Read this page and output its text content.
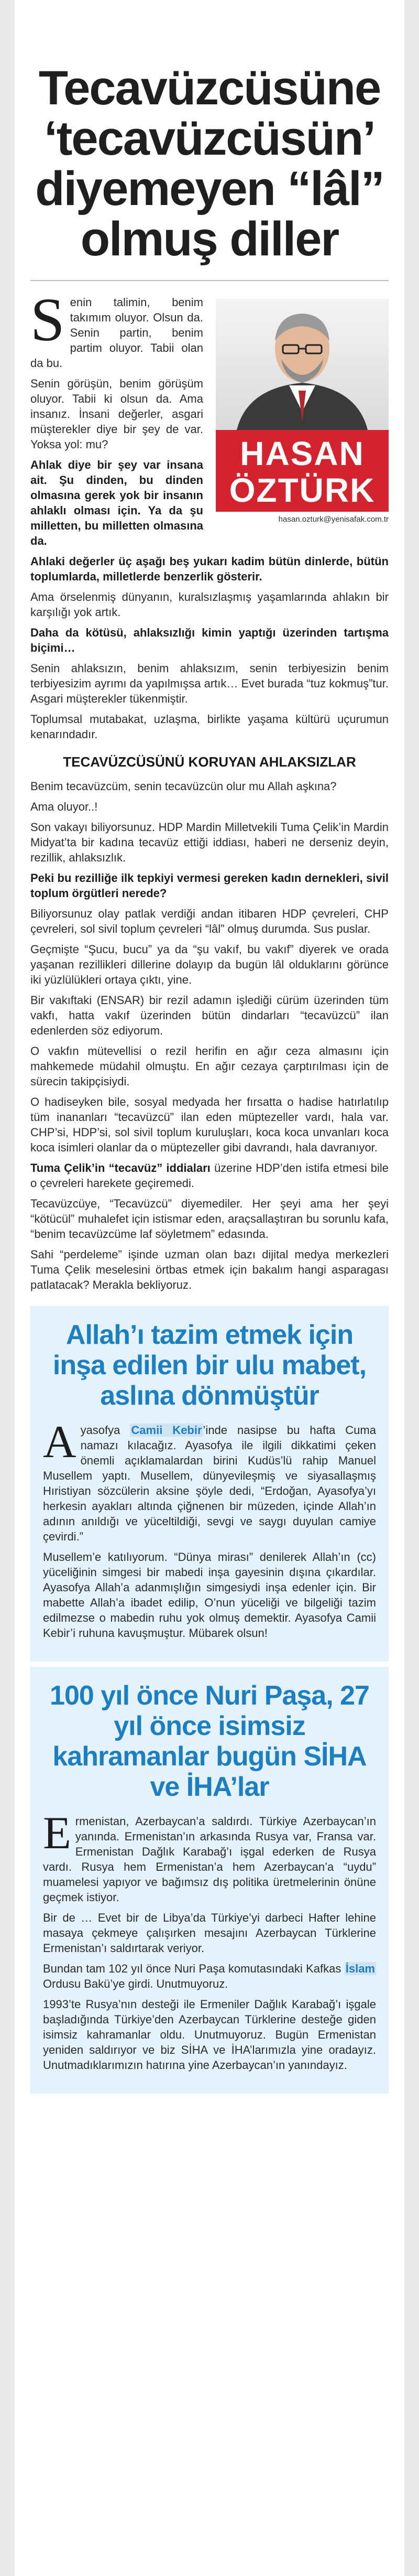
Tecavüzcüsüne ‘tecavüzcüsün’ diyemeyen “lâl” olmuş diller
HASAN
ÖZTÜRK
hasan.ozturk@yenisafak.com.tr

Senin talimin, benim takımım oluyor. Olsun da. Senin partin, benim partim oluyor. Tabii olan da bu.

Senin görüşün, benim görüşüm oluyor. Tabii ki olsun da. Ama insanız. İnsani değerler, asgari müşterekler diye bir şey de var. Yoksa yol: mu?

Ahlak diye bir şey var insana ait. Şu dinden, bu dinden olmasına gerek yok bir insanın ahlaklı olması için. Ya da şu milletten, bu milletten olmasına da.

Ahlaki değerler üç aşağı beş yukarı kadim bütün dinlerde, bütün toplumlarda, milletlerde benzerlik gösterir.

Ama örselenmiş dünyanın, kuralsızlaşmış yaşamlarında ahlakın bir karşılığı yok artık.

Daha da kötüsü, ahlaksızlığı kimin yaptığı üzerinden tartışma biçimi…

Senin ahlaksızın, benim ahlaksızım, senin terbiyesizin benim terbiyesizim ayrımı da yapılmışsa artık… Evet burada “tuz kokmuş”tur. Asgari müşterekler tükenmiştir.

Toplumsal mutabakat, uzlaşma, birlikte yaşama kültürü uçurumun kenarındadır.

TECAVÜZCÜSÜNÜ KORUYAN AHLAKSIZLAR

Benim tecavüzcüm, senin tecavüzcün olur mu Allah aşkına?

Ama oluyor..!

Son vakayı biliyorsunuz. HDP Mardin Milletvekili Tuma Çelik’in Mardin Midyat’ta bir kadına tecavüz ettiği iddiası, haberi ne derseniz deyin, rezillik, ahlaksızlık.

Peki bu rezilliğe ilk tepkiyi vermesi gereken kadın dernekleri, sivil toplum örgütleri nerede?

Biliyorsunuz olay patlak verdiği andan itibaren HDP çevreleri, CHP çevreleri, sol sivil toplum çevreleri “lâl” olmuş durumda. Sus puslar.

Geçmişte “Şucu, bucu” ya da “şu vakıf, bu vakıf” diyerek ve orada yaşanan rezillikleri dillerine dolayıp da bugün lâl olduklarını görünce iki yüzlülükleri ortaya çıktı, yine.

Bir vakıftaki (ENSAR) bir rezil adamın işlediği cürüm üzerinden tüm vakfı, hatta vakıf üzerinden bütün dindarları “tecavüzcü” ilan edenlerden söz ediyorum.

O vakfın mütevellisi o rezil herifin en ağır ceza almasını için mahkemede müdahil olmuştu. En ağır cezaya çarptırılması için de sürecin takipçisiydi.

O hadiseyken bile, sosyal medyada her fırsatta o hadise hatırlatılıp tüm inananları “tecavüzcü” ilan eden müptezeller vardı, hala var. CHP’si, HDP’si, sol sivil toplum kuruluşları, koca koca unvanları koca koca isimleri olanlar da o müptezeller gibi davrandı, hala davranıyor.

Tuma Çelik’in “tecavüz” iddiaları üzerine HDP’den istifa etmesi bile o çevreleri harekete geçiremedi.

Tecavüzcüye, “Tecavüzcü” diyemediler. Her şeyi ama her şeyi “kötücül” muhalefet için istismar eden, araçsallaştıran bu sorunlu kafa, “benim tecavüzcüme laf söyletmem” edasında.

Sahi “perdeleme” işinde uzman olan bazı dijital medya merkezleri Tuma Çelik meselesini örtbas etmek için bakalım hangi asparagası patlatacak? Merakla bekliyoruz.

Allah’ı tazim etmek için inşa edilen bir ulu mabet, aslına dönmüştür

Ayasofya Camii Kebir’inde nasipse bu hafta Cuma namazı kılacağız. Ayasofya ile ilgili dikkatimi çeken önemli açıklamalardan birini Kudüs’lü rahip Manuel Musellem yaptı. Musellem, dünyevileşmiş ve siyasallaşmış Hıristiyan sözcülerin aksine şöyle dedi, “Erdoğan, Ayasofya’yı herkesin ayakları altında çiğnenen bir müzeden, içinde Allah’ın adının anıldığı ve yüceltildiği, sevgi ve saygı duyulan camiye çevirdi.”

Musellem’e katılıyorum. “Dünya mirası” denilerek Allah’ın (cc) yüceliğinin simgesi bir mabedi inşa gayesinin dışına çıkardılar. Ayasofya Allah’a adanmışlığın simgesiydi inşa edenler için. Bir mabette Allah’a ibadet edilip, O’nun yüceliği ve bilgeliği tazim edilmezse o mabedin ruhu yok olmuş demektir. Ayasofya Camii Kebir’i ruhuna kavuşmuştur. Mübarek olsun!

100 yıl önce Nuri Paşa, 27 yıl önce isimsiz kahramanlar bugün SİHA ve İHA’lar

Ermenistan, Azerbaycan’a saldırdı. Türkiye Azerbaycan’ın yanında. Ermenistan’ın arkasında Rusya var, Fransa var. Ermenistan Dağlık Karabağ’ı işgal ederken de Rusya vardı. Rusya hem Ermenistan’a hem Azerbaycan’a “uydu” muamelesi yapıyor ve bağımsız dış politika üretmelerinin önüne geçmek istiyor.

Bir de … Evet bir de Libya’da Türkiye’yi darbeci Hafter lehine masaya çekmeye çalışırken mesajını Azerbaycan Türklerine Ermenistan’ı saldırtarak veriyor.

Bundan tam 102 yıl önce Nuri Paşa komutasındaki Kafkas İslam Ordusu Bakü’ye girdi. Unutmuyoruz.

1993’te Rusya’nın desteği ile Ermeniler Dağlık Karabağ’ı işgale başladığında Türkiye’den Azerbaycan Türklerine desteğe giden isimsiz kahramanlar oldu. Unutmuyoruz. Bugün Ermenistan yeniden saldırıyor ve biz SİHA ve İHA’larımızla yine oradayız. Unutmadıklarımızın hatırına yine Azerbaycan’ın yanındayız.
